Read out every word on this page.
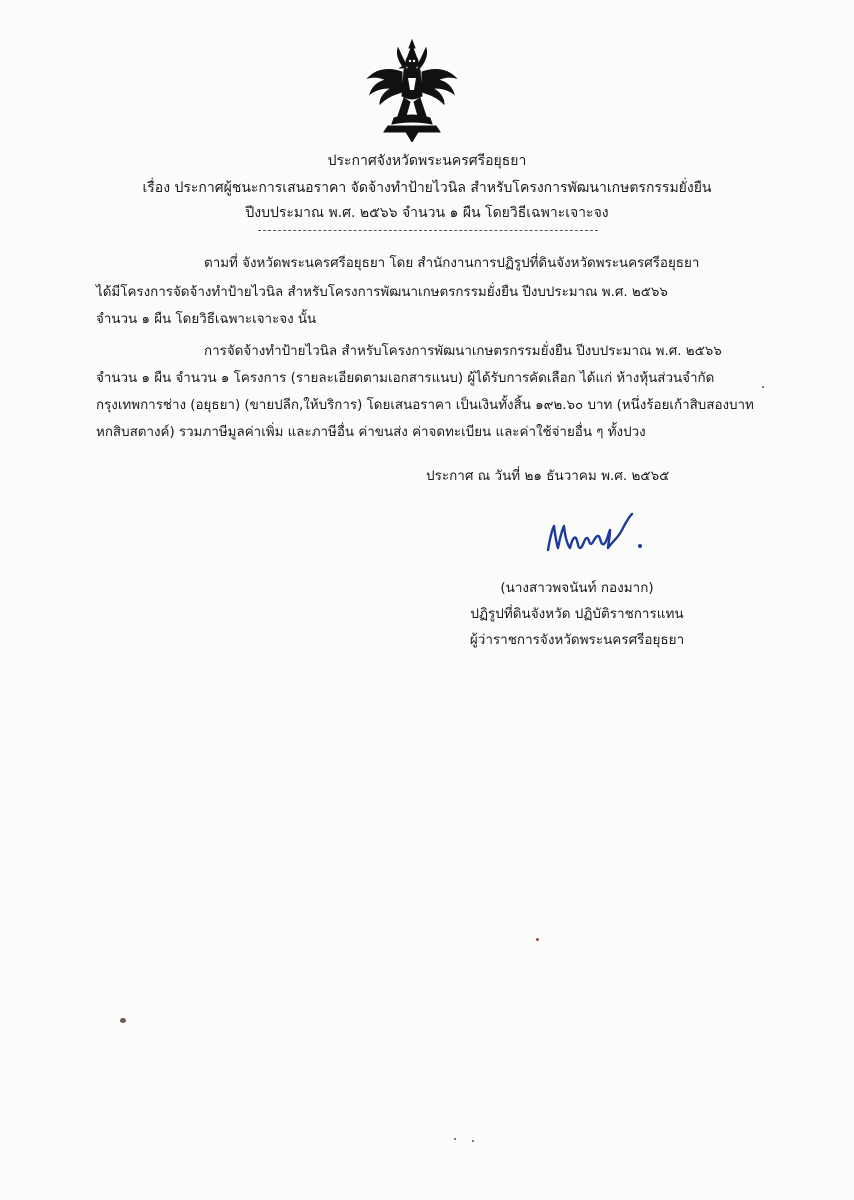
ประกาศจังหวัดพระนครศรีอยุธยา
เรื่อง ประกาศผู้ชนะการเสนอราคา จัดจ้างทำป้ายไวนิล สำหรับโครงการพัฒนาเกษตรกรรมยั่งยืน
ปีงบประมาณ พ.ศ. ๒๕๖๖ จำนวน ๑ ผืน โดยวิธีเฉพาะเจาะจง
ตามที่ จังหวัดพระนครศรีอยุธยา โดย สำนักงานการปฏิรูปที่ดินจังหวัดพระนครศรีอยุธยา
ได้มีโครงการจัดจ้างทำป้ายไวนิล สำหรับโครงการพัฒนาเกษตรกรรมยั่งยืน ปีงบประมาณ พ.ศ. ๒๕๖๖
จำนวน ๑ ผืน โดยวิธีเฉพาะเจาะจง นั้น
การจัดจ้างทำป้ายไวนิล สำหรับโครงการพัฒนาเกษตรกรรมยั่งยืน ปีงบประมาณ พ.ศ. ๒๕๖๖
จำนวน ๑ ผืน จำนวน ๑ โครงการ (รายละเอียดตามเอกสารแนบ) ผู้ได้รับการคัดเลือก ได้แก่ ห้างหุ้นส่วนจำกัด
กรุงเทพการช่าง (อยุธยา) (ขายปลีก,ให้บริการ) โดยเสนอราคา เป็นเงินทั้งสิ้น ๑๙๒.๖๐ บาท (หนึ่งร้อยเก้าสิบสองบาท
หกสิบสตางค์) รวมภาษีมูลค่าเพิ่ม และภาษีอื่น ค่าขนส่ง ค่าจดทะเบียน และค่าใช้จ่ายอื่น ๆ ทั้งปวง
ประกาศ ณ วันที่ ๒๑ ธันวาคม พ.ศ. ๒๕๖๕
(นางสาวพจนันท์ กองมาก)
ปฏิรูปที่ดินจังหวัด ปฏิบัติราชการแทน
ผู้ว่าราชการจังหวัดพระนครศรีอยุธยา
